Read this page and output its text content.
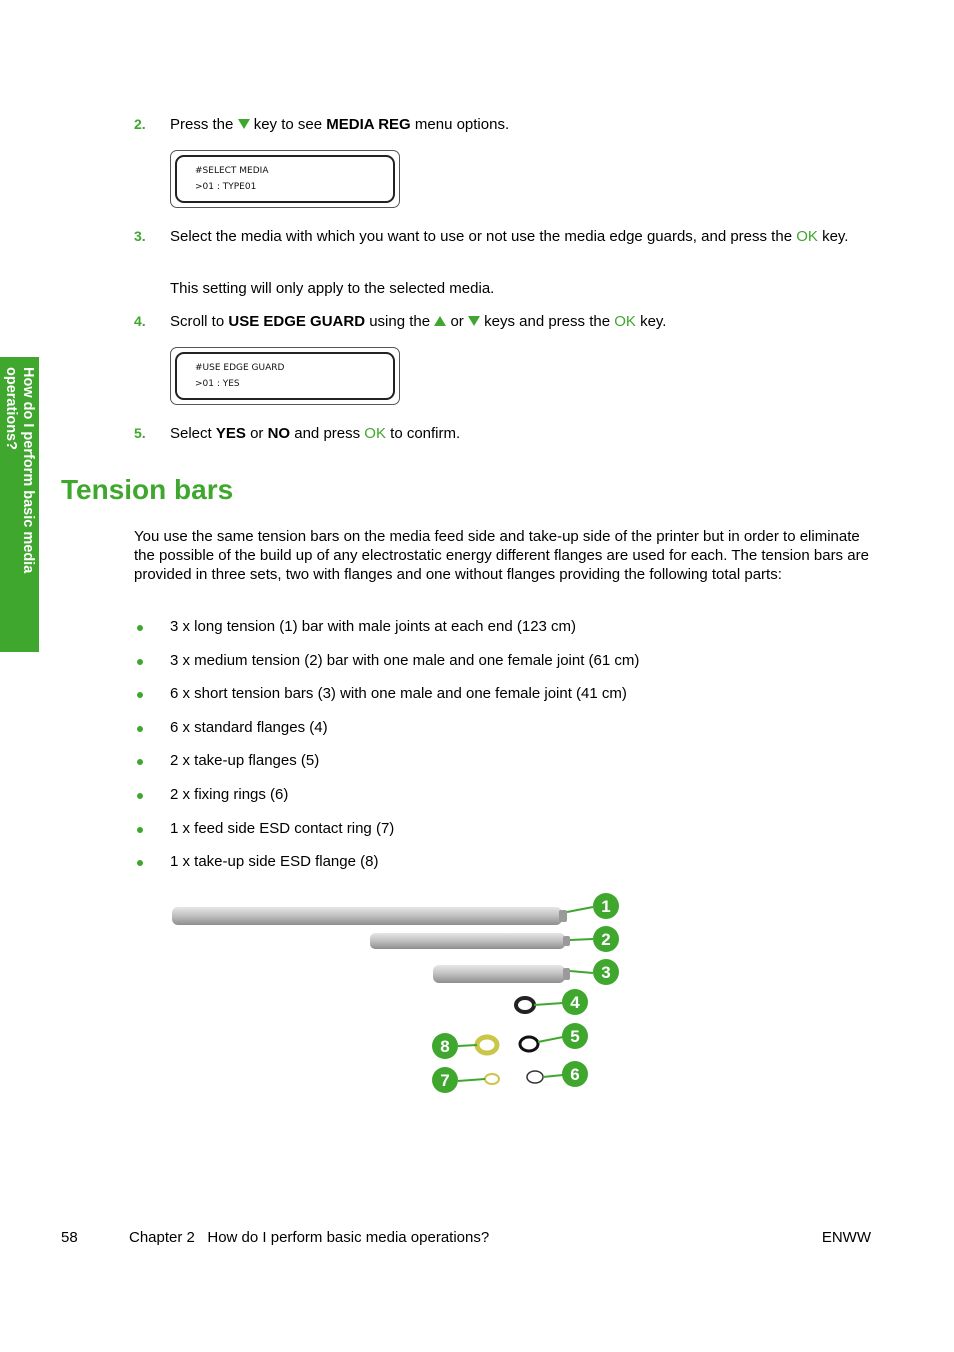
How do I perform basic media
operations?
2. Press the key to see MEDIA REG menu options.
#SELECT MEDIA
>01 : TYPE01
3. Select the media with which you want to use or not use the media edge guards, and press the OK key.
This setting will only apply to the selected media.
4. Scroll to USE EDGE GUARD using the or keys and press the OK key.
#USE EDGE GUARD
>01 : YES
5. Select YES or NO and press OK to confirm.
Tension bars
You use the same tension bars on the media feed side and take-up side of the printer but in order to eliminate the possible of the build up of any electrostatic energy different flanges are used for each. The tension bars are provided in three sets, two with flanges and one without flanges providing the following total parts:
3 x long tension (1) bar with male joints at each end (123 cm)
3 x medium tension (2) bar with one male and one female joint (61 cm)
6 x short tension bars (3) with one male and one female joint (41 cm)
6 x standard flanges (4)
2 x take-up flanges (5)
2 x fixing rings (6)
1 x feed side ESD contact ring (7)
1 x take-up side ESD flange (8)
1
2
3
4
5
6
7
8
58	Chapter 2   How do I perform basic media operations?	ENWW
